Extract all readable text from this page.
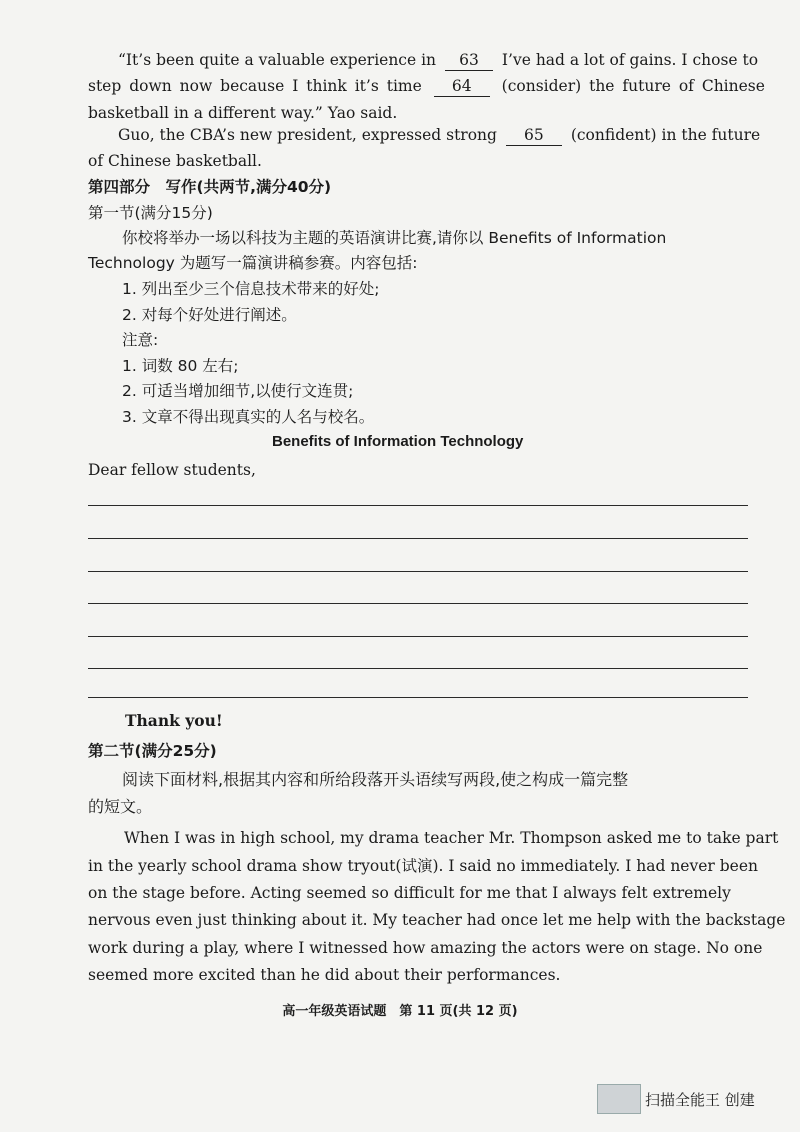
“It’s been quite a valuable experience in 63 I’ve had a lot of gains. I chose to
step down now because I think it’s time 64 (consider) the future of Chinese
basketball in a different way.” Yao said.
Guo, the CBA’s new president, expressed strong 65 (confident) in the future
of Chinese basketball.
第四部分　写作(共两节,满分40分)
第一节(满分15分)
你校将举办一场以科技为主题的英语演讲比赛,请你以 Benefits of Information
Technology 为题写一篇演讲稿参赛。内容包括:
1. 列出至少三个信息技术带来的好处;
2. 对每个好处进行阐述。
注意:
1. 词数 80 左右;
2. 可适当增加细节,以使行文连贯;
3. 文章不得出现真实的人名与校名。
Benefits of Information Technology
Dear fellow students,
Thank you!
第二节(满分25分)
阅读下面材料,根据其内容和所给段落开头语续写两段,使之构成一篇完整
的短文。
When I was in high school, my drama teacher Mr. Thompson asked me to take part
in the yearly school drama show tryout(试演). I said no immediately. I had never been
on the stage before. Acting seemed so difficult for me that I always felt extremely
nervous even just thinking about it. My teacher had once let me help with the backstage
work during a play, where I witnessed how amazing the actors were on stage. No one
seemed more excited than he did about their performances.
高一年级英语试题　第 11 页(共 12 页)
扫描全能王 创建
